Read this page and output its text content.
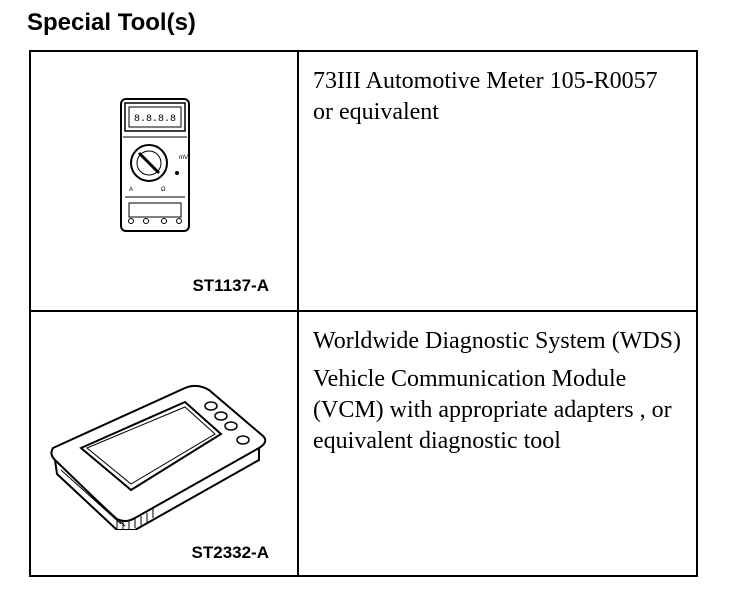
Special Tool(s)
8.8.8.8
mV
A	Ω
ST1137-A

73III Automotive Meter 105-R0057 or equivalent

ST2332-A

Worldwide Diagnostic System (WDS)

Vehicle Communication Module (VCM) with appropriate adapters , or equivalent diagnostic tool
